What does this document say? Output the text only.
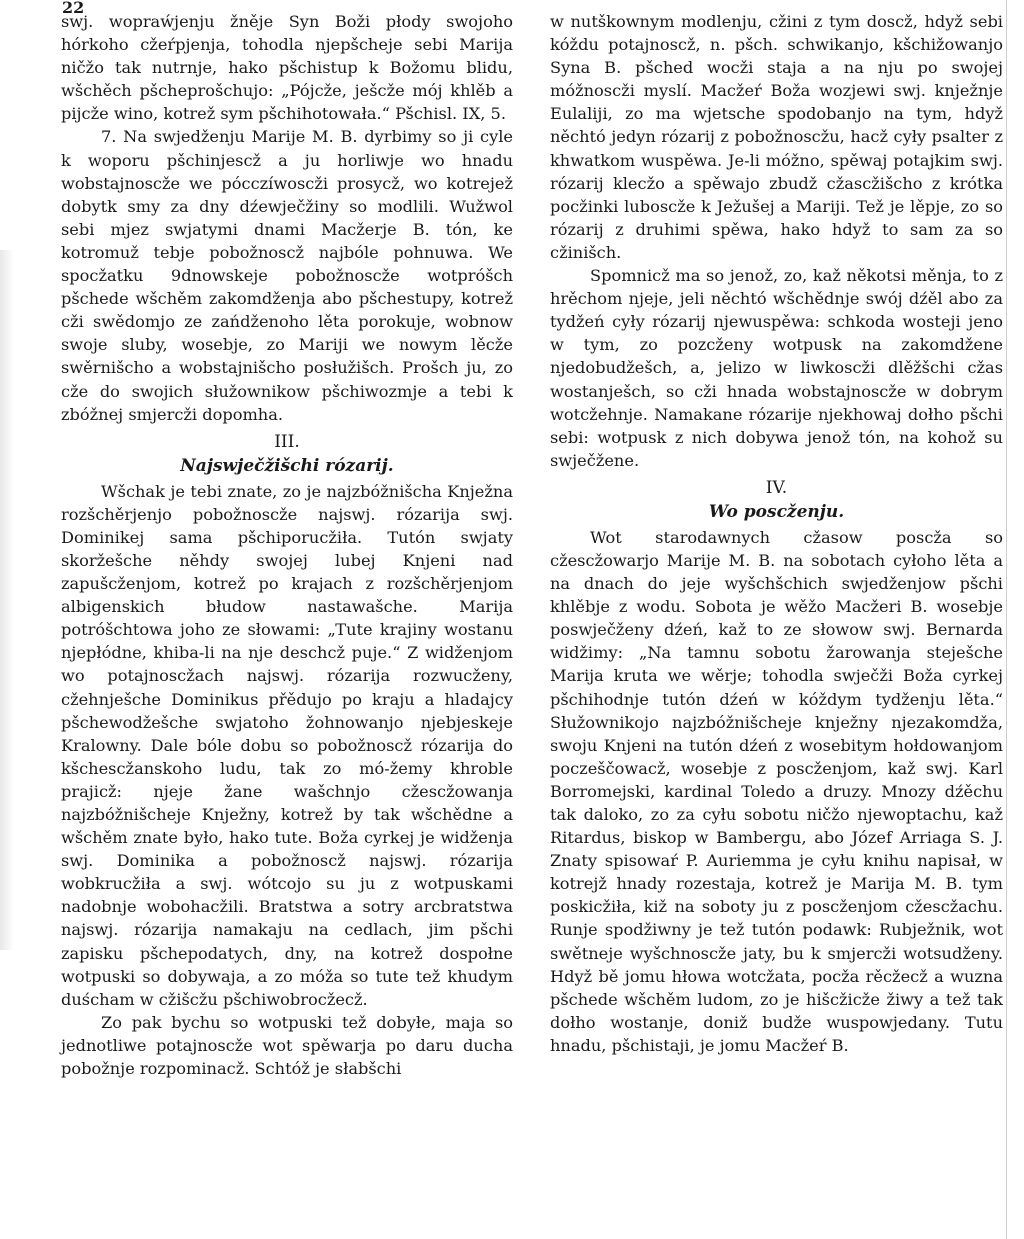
22

swj. wopraẃjenju žněje Syn Boži płody swojoho hórkoho cžeŕpjenja, tohodla njepšcheje sebi Marija ničžo tak nutrnje, hako pšchistup k Božomu blidu, wšchěch pšcheprošchujo: „Pójcže, ješcže mój khlěb a pijcže wino, kotrež sym pšchihotowała.“ Pšchisl. IX, 5.

7. Na swjedženju Marije M. B. dyrbimy so ji cyle k woporu pšchinjescž a ju horliwje wo hnadu wobstajnoscže we pócczíwoscži prosycž, wo kotrejež dobytk smy za dny dźewječžiny so modlili. Wužwol sebi mjez swjatymi dnami Macžerje B. tón, ke kotromuž tebje pobožnoscž najbóle pohnuwa. We spocžatku 9dnowskeje pobožnoscže wotpróšch pšchede wšchěm zakomdženja abo pšchestupy, kotrež cži swědomjo ze zańdženoho lěta porokuje, wobnow swoje sluby, wosebje, zo Mariji we nowym lěcže swěrnišcho a wobstajnišcho posłužišch. Prošch ju, zo cže do swojich słužownikow pšchiwozmje a tebi k zbóžnej smjercži dopomha.

III.
Najswječžišchi rózarij.

Wšchak je tebi znate, zo je najzbóžnišcha Knježna rozšchěrjenjo pobožnoscže najswj. rózarija swj. Dominikej sama pšchiporucžiła. Tutón swjaty skoržešche něhdy swojej lubej Knjeni nad zapušcženjom, kotrež po krajach z rozšchěrjenjom albigenskich błudow nastawašche. Marija potróšchtowa joho ze słowami: „Tute krajiny wostanu njepłódne, khiba-li na nje deschcž puje.“ Z widženjom wo potajnoscžach najswj. rózarija rozwucženy, cžehnješche Dominikus přědujo po kraju a hladajcy pšchewodžešche swjatoho žohnowanjo njebjeskeje Kralowny. Dale bóle dobu so pobožnoscž rózarija do kšchescžanskoho ludu, tak zo mó-žemy khroble prajicž: njeje žane wašchnjo cžescžowanja najzbóžnišcheje Knježny, kotrež by tak wšchědne a wšchěm znate było, hako tute. Boža cyrkej je widženja swj. Dominika a pobožnoscž najswj. rózarija wobkrucžiła a swj. wótcojo su ju z wotpuskami nadobnje wobohacžili. Bratstwa a sotry arcbratstwa najswj. rózarija namakaju na cedlach, jim pšchi zapisku pšchepodatych, dny, na kotrež dospołne wotpuski so dobywaja, a zo móža so tute tež khudym duścham w cžišcžu pšchiwobrocžecž.

Zo pak bychu so wotpuski tež dobyłe, maja so jednotliwe potajnoscže wot spěwarja po daru ducha pobožnje rozpominacž. Schtóž je słabšchi

w nutškownym modlenju, cžini z tym doscž, hdyž sebi kóždu potajnoscž, n. pšch. schwikanjo, kšchižowanjo Syna B. pšched wocži staja a na nju po swojej móžnoscži myslí. Macžeŕ Boža wozjewi swj. knježnje Eulaliji, zo ma wjetsche spodobanjo na tym, hdyž něchtó jedyn rózarij z pobožnoscžu, hacž cyły psalter z khwatkom wuspěwa. Je-li móžno, spěwaj potajkim swj. rózarij klecžo a spěwajo zbudž cžascžišcho z krótka pocžinki luboscže k Ježušej a Mariji. Tež je lěpje, zo so rózarij z druhimi spěwa, hako hdyž to sam za so cžinišch.

Spomnicž ma so jenož, zo, kaž někotsi měnja, to z hrěchom njeje, jeli něchtó wšchědnje swój dźěl abo za tydžeń cyły rózarij njewuspěwa: schkoda wosteji jeno w tym, zo pozcženy wotpusk na zakomdžene njedobudžešch, a, jelizo w liwkoscži dlěžšchi cžas wostanješch, so cži hnada wobstajnoscže w dobrym wotcžehnje. Namakane rózarije njekhowaj dołho pšchi sebi: wotpusk z nich dobywa jenož tón, na kohož su swječžene.

IV.
Wo poscženju.

Wot starodawnych cžasow poscža so cžescžowarjo Marije M. B. na sobotach cyłoho lěta a na dnach do jeje wyšchšchich swjedženjow pšchi khlěbje z wodu. Sobota je wěžo Macžeri B. wosebje poswječženy dźeń, kaž to ze słowow swj. Bernarda widžimy: „Na tamnu sobotu žarowanja steješche Marija kruta we wěrje; tohodla swječži Boža cyrkej pšchihodnje tutón dźeń w kóždym tydženju lěta.“ Słužownikojo najzbóžnišcheje knježny njezakomdža, swoju Knjeni na tutón dźeń z wosebitym hołdowanjom poczeščowacž, wosebje z poscženjom, kaž swj. Karl Borromejski, kardinal Toledo a druzy. Mnozy dźěchu tak daloko, zo za cyłu sobotu ničžo njewoptachu, kaž Ritardus, biskop w Bambergu, abo Józef Arriaga S. J. Znaty spisowaŕ P. Auriemma je cyłu knihu napisał, w kotrejž hnady rozestaja, kotrež je Marija M. B. tym poskicžiła, kiž na soboty ju z poscženjom cžescžachu. Runje spodžiwny je tež tutón podawk: Rubježnik, wot swětneje wyšchnoscže jaty, bu k smjercži wotsudženy. Hdyž bě jomu hłowa wotcžata, pocža rěcžecž a wuzna pšchede wšchěm ludom, zo je hišcžicže žiwy a tež tak dołho wostanje, doniž budže wuspowjedany. Tutu hnadu, pšchistaji, je jomu Macžeŕ B.
